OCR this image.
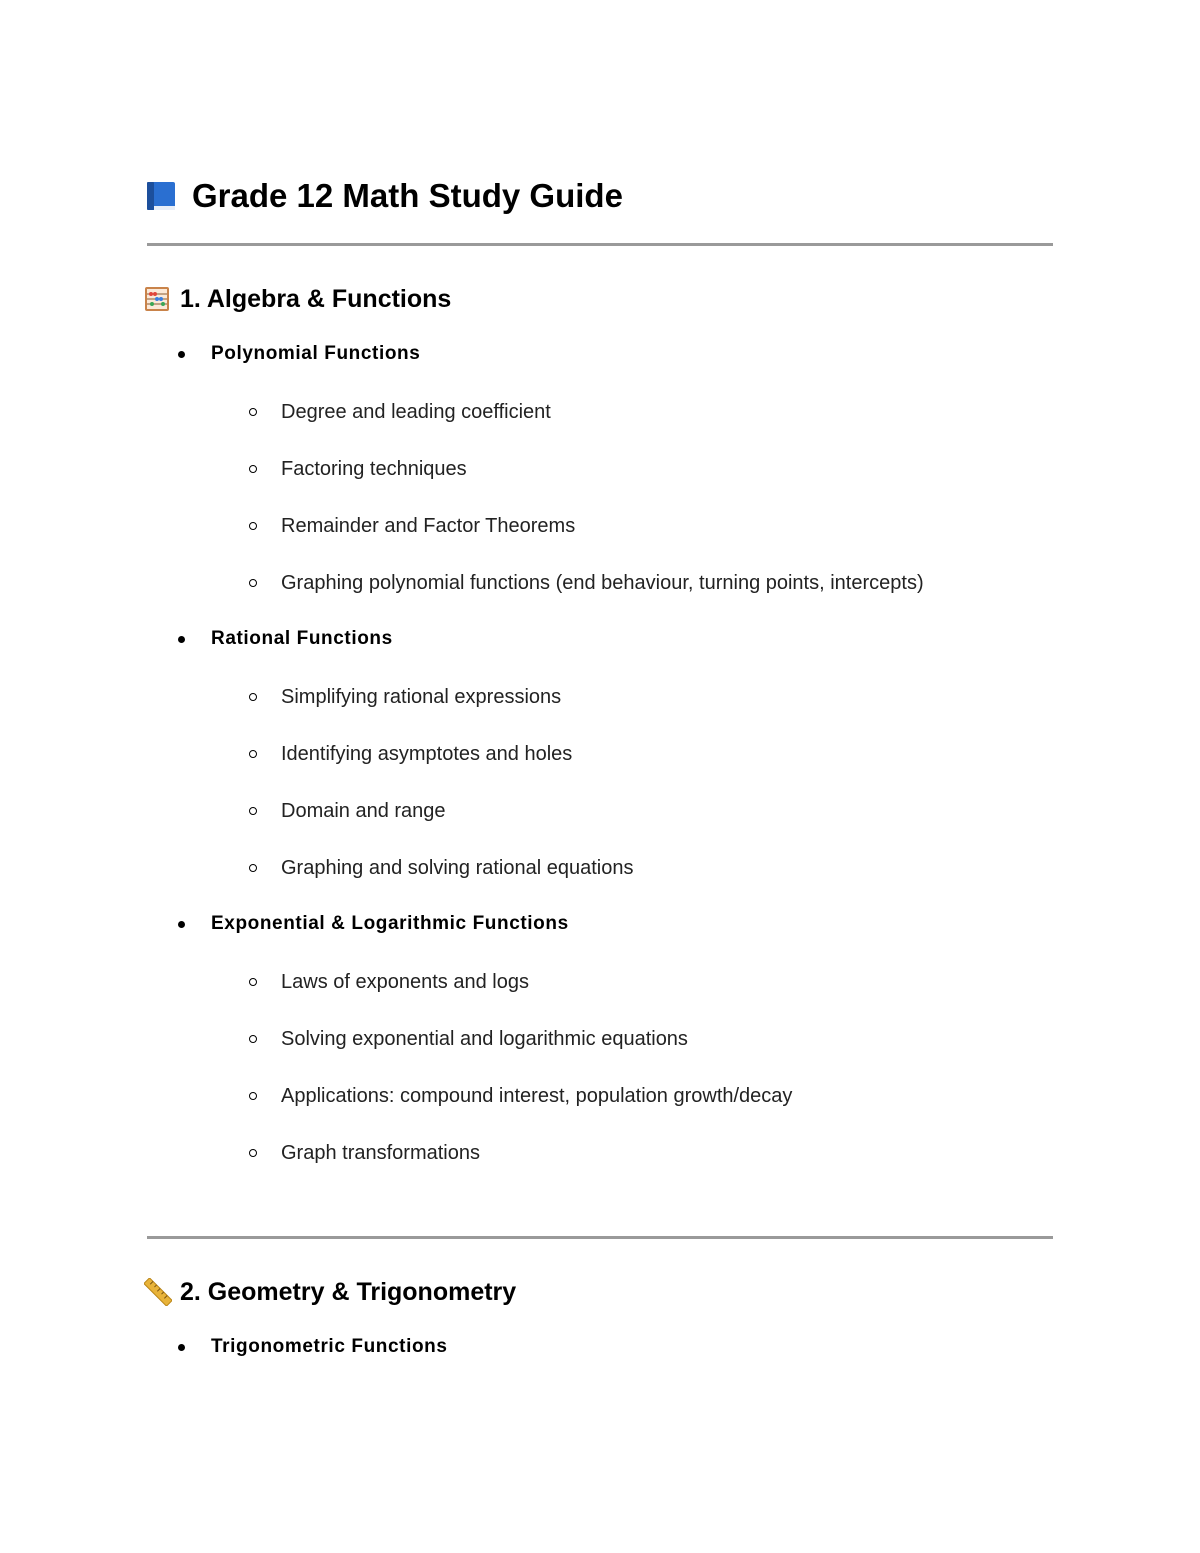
Grade 12 Math Study Guide
1. Algebra & Functions
Polynomial Functions
Degree and leading coefficient
Factoring techniques
Remainder and Factor Theorems
Graphing polynomial functions (end behaviour, turning points, intercepts)
Rational Functions
Simplifying rational expressions
Identifying asymptotes and holes
Domain and range
Graphing and solving rational equations
Exponential & Logarithmic Functions
Laws of exponents and logs
Solving exponential and logarithmic equations
Applications: compound interest, population growth/decay
Graph transformations
2. Geometry & Trigonometry
Trigonometric Functions
